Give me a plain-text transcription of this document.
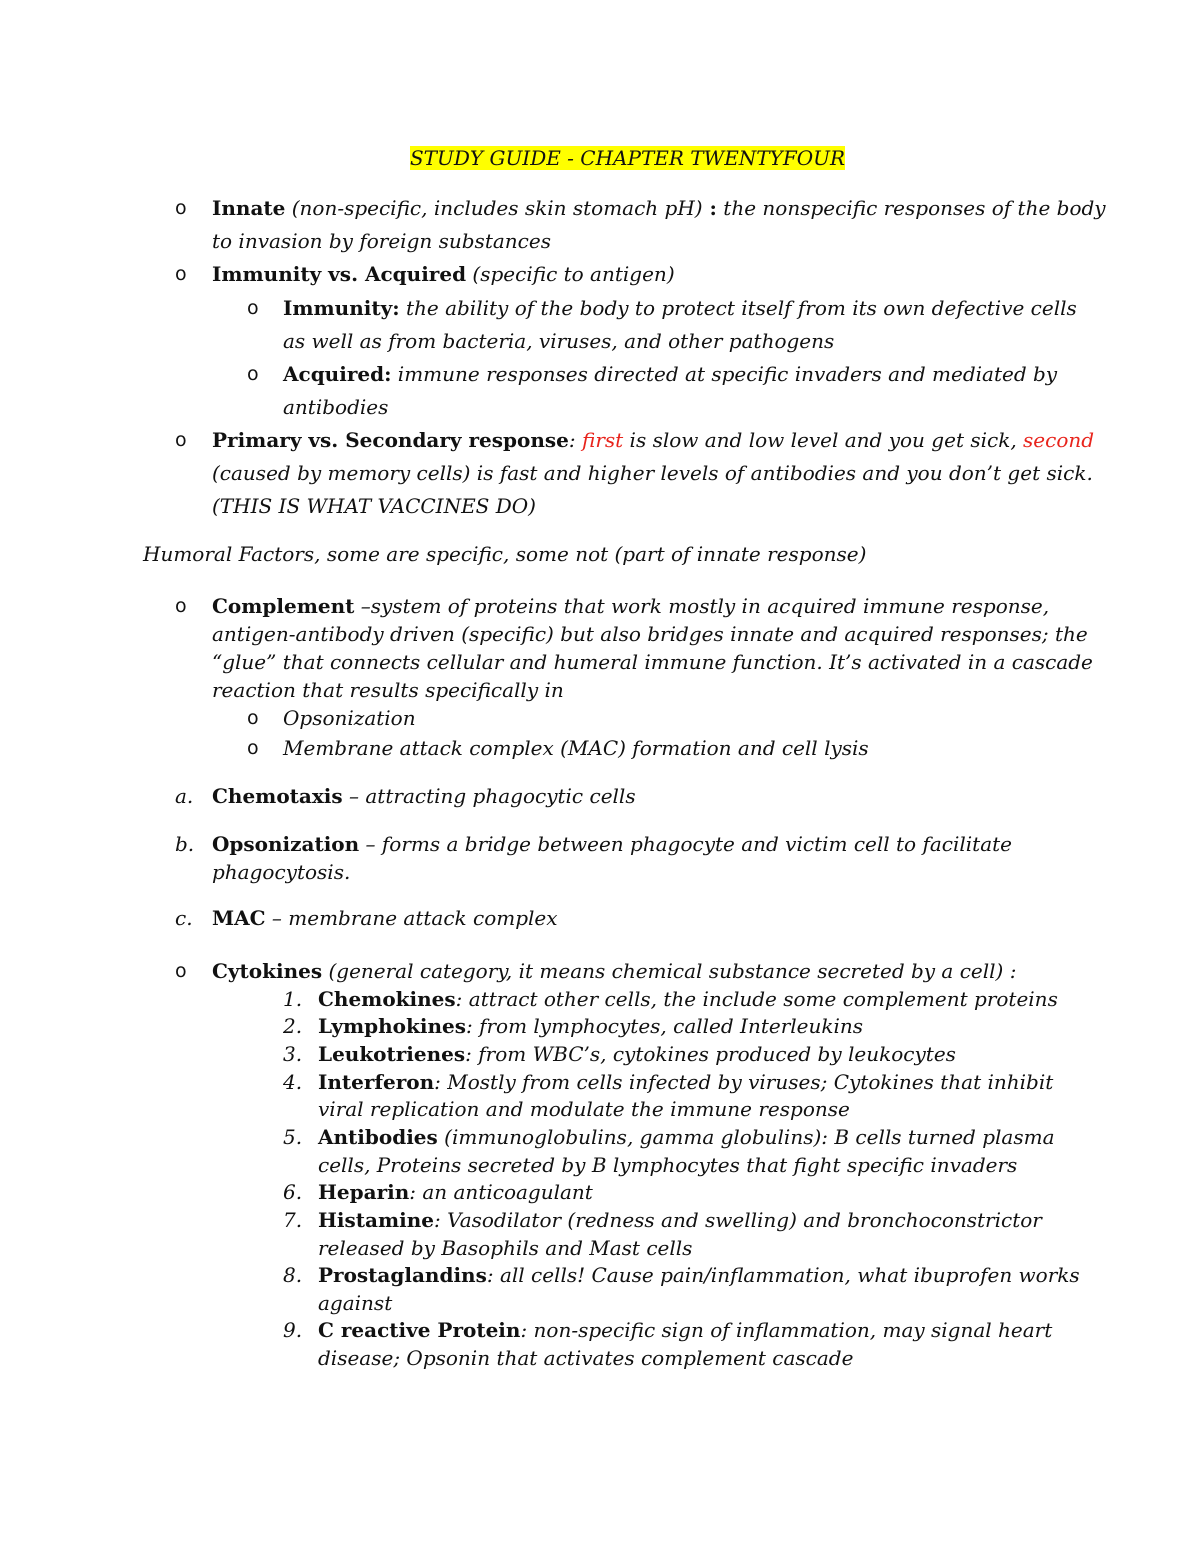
STUDY GUIDE - CHAPTER TWENTYFOUR
o Innate (non-specific, includes skin stomach pH) : the nonspecific responses of the body
to invasion by foreign substances
o Immunity vs. Acquired (specific to antigen)
o Immunity: the ability of the body to protect itself from its own defective cells
as well as from bacteria, viruses, and other pathogens
o Acquired: immune responses directed at specific invaders and mediated by
antibodies
o Primary vs. Secondary response: first is slow and low level and you get sick, second
(caused by memory cells) is fast and higher levels of antibodies and you don’t get sick.
(THIS IS WHAT VACCINES DO)
Humoral Factors, some are specific, some not (part of innate response)
o Complement –system of proteins that work mostly in acquired immune response,
antigen-antibody driven (specific) but also bridges innate and acquired responses; the
“glue” that connects cellular and humeral immune function. It’s activated in a cascade
reaction that results specifically in
o Opsonization
o Membrane attack complex (MAC) formation and cell lysis
a. Chemotaxis – attracting phagocytic cells
b. Opsonization – forms a bridge between phagocyte and victim cell to facilitate
phagocytosis.
c. MAC – membrane attack complex
o Cytokines (general category, it means chemical substance secreted by a cell) :
1. Chemokines: attract other cells, the include some complement proteins
2. Lymphokines: from lymphocytes, called Interleukins
3. Leukotrienes: from WBC’s, cytokines produced by leukocytes
4. Interferon: Mostly from cells infected by viruses; Cytokines that inhibit
viral replication and modulate the immune response
5. Antibodies (immunoglobulins, gamma globulins): B cells turned plasma
cells, Proteins secreted by B lymphocytes that fight specific invaders
6. Heparin: an anticoagulant
7. Histamine: Vasodilator (redness and swelling) and bronchoconstrictor
released by Basophils and Mast cells
8. Prostaglandins: all cells! Cause pain/inflammation, what ibuprofen works
against
9. C reactive Protein: non-specific sign of inflammation, may signal heart
disease; Opsonin that activates complement cascade
